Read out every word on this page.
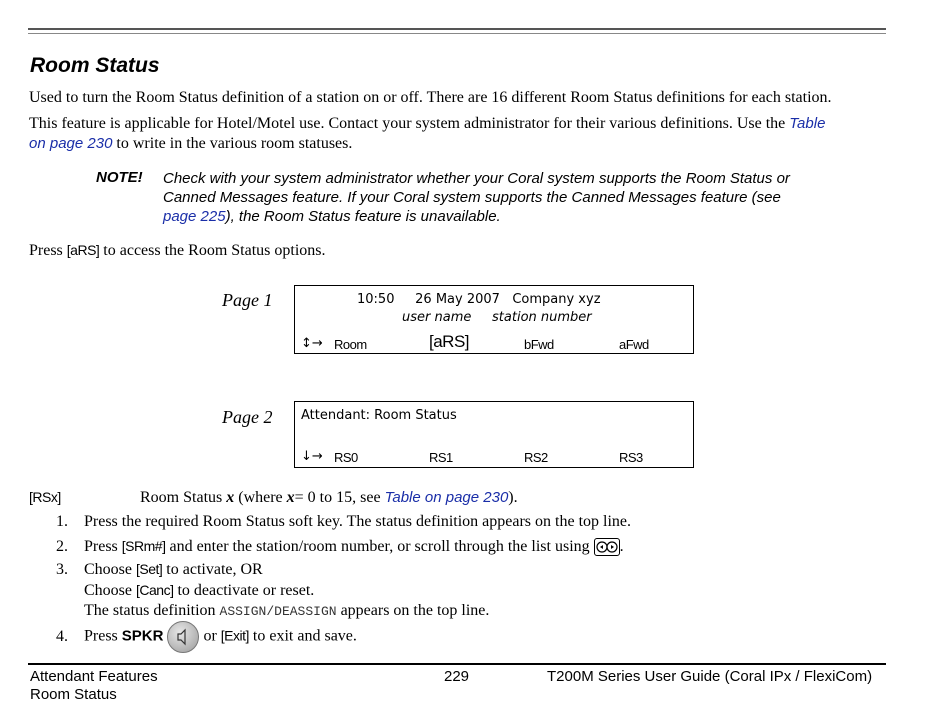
Room Status
Used to turn the Room Status definition of a station on or off. There are 16 different Room Status definitions for each station.
This feature is applicable for Hotel/Motel use. Contact your system administrator for their various definitions. Use the Table
on page 230 to write in the various room statuses.
NOTE! Check with your system administrator whether your Coral system supports the Room Status or
Canned Messages feature. If your Coral system supports the Canned Messages feature (see
page 225), the Room Status feature is unavailable.
Press [aRS] to access the Room Status options.
Page 1	10:50 26 May 2007 Company xyz
user name station number
↕→ Room	[aRS]	bFwd	aFwd
Page 2 Attendant: Room Status
↓→ RS0	RS1	RS2	RS3
[RSx]	Room Status x (where x= 0 to 15, see Table on page 230).
1. Press the required Room Status soft key. The status definition appears on the top line.
2. Press [SRm#] and enter the station/room number, or scroll through the list using .
3. Choose [Set] to activate, OR
Choose [Canc] to deactivate or reset.
The status definition ASSIGN/DEASSIGN appears on the top line.
4. Press SPKR	or [Exit] to exit and save.
Attendant Features
Room Status
229	T200M Series User Guide (Coral IPx / FlexiCom)
